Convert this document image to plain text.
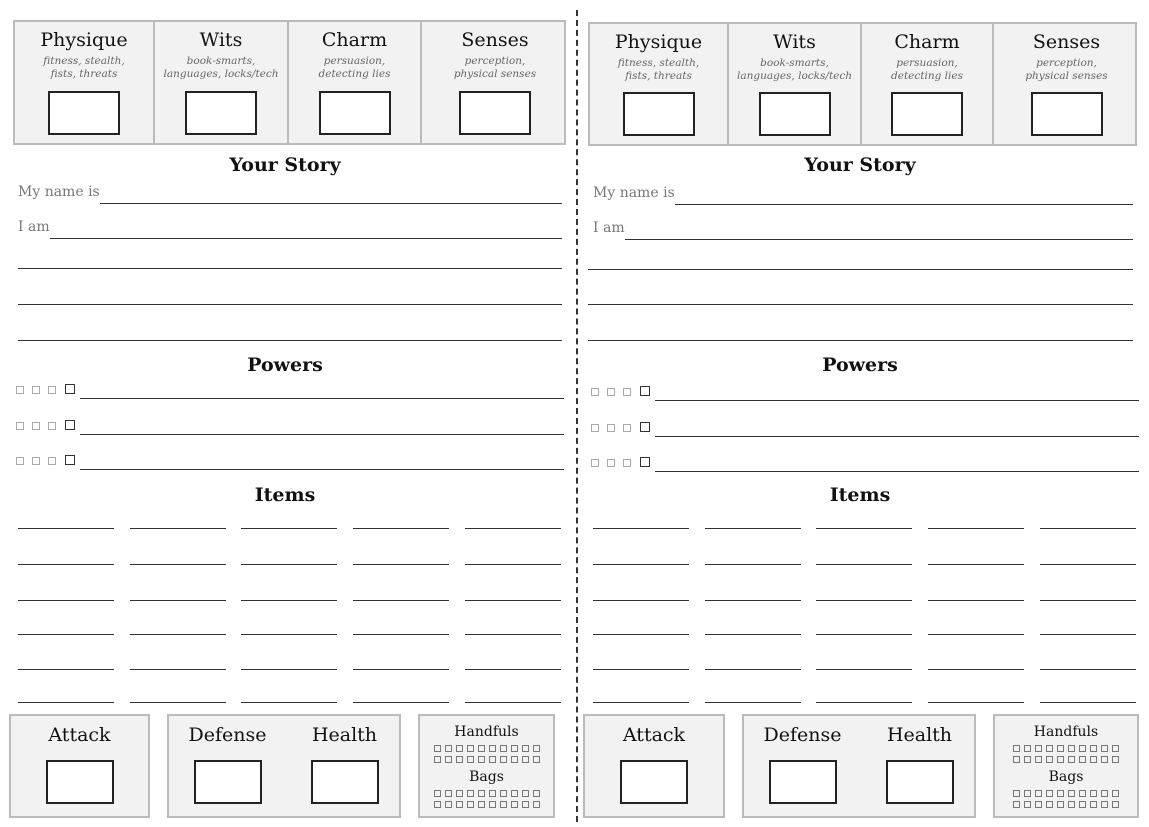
Physique
fitness, stealth,
fists, threats
Wits
book-smarts,
languages, locks/tech
Charm
persuasion,
detecting lies
Senses
perception,
physical senses
Your Story
My name is
I am
Powers
Items
Attack	Defense	Health	Handfuls
Bags
Physique
fitness, stealth,
fists, threats
Wits
book-smarts,
languages, locks/tech
Charm
persuasion,
detecting lies
Senses
perception,
physical senses
Your Story
My name is
I am
Powers
Items
Attack	Defense	Health	Handfuls
Bags
